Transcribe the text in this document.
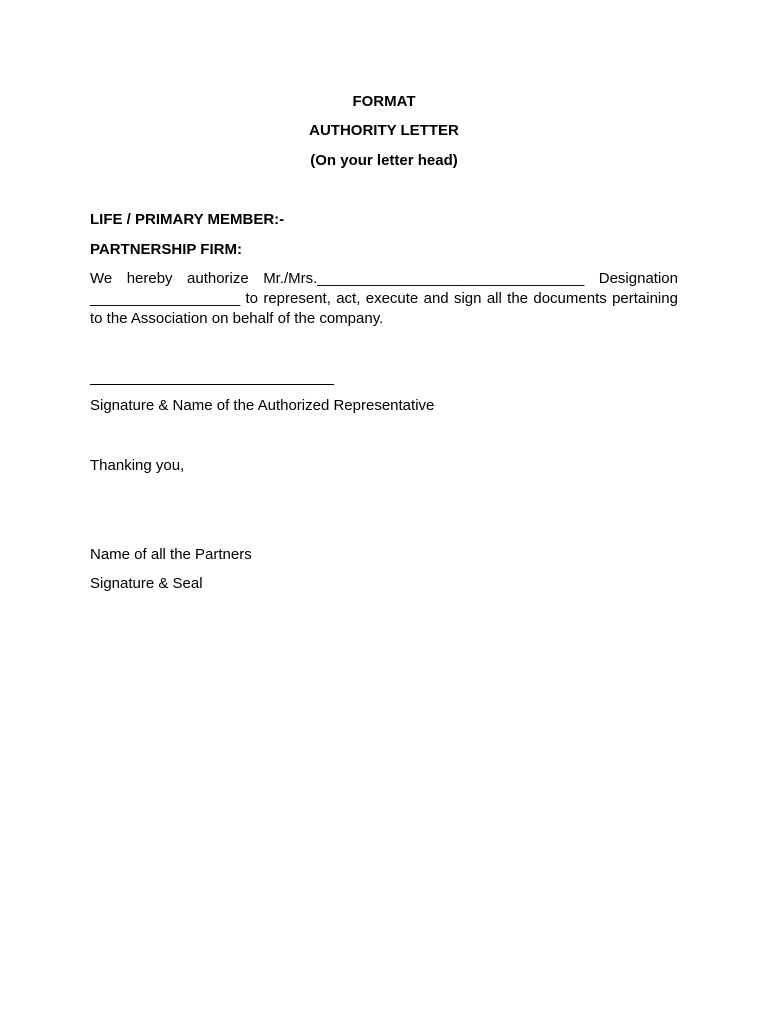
FORMAT
AUTHORITY LETTER
(On your letter head)
LIFE / PRIMARY MEMBER:-
PARTNERSHIP FIRM:
We hereby authorize Mr./Mrs.________________________________ Designation
__________________ to represent, act, execute and sign all the documents pertaining
to the Association on behalf of the company.
Signature & Name of the Authorized Representative
Thanking you,
Name of all the Partners
Signature & Seal
